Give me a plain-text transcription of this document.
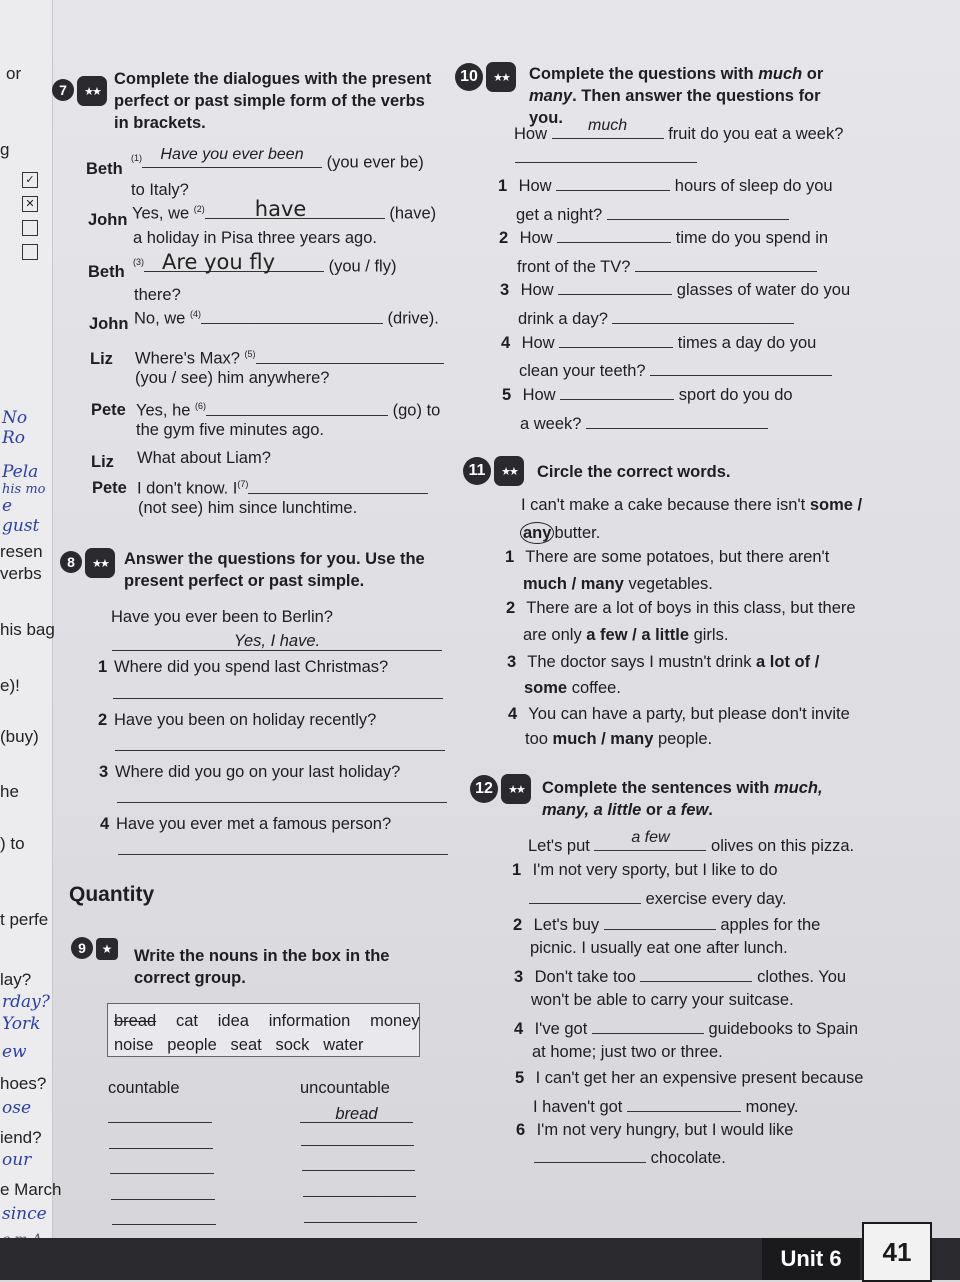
or
g
✓
✕
No
Ro
Pela
his mo
e
gust
resen
verbs
his bag
e)!
(buy)
he
) to
t perfe
lay?
rday?
York
ew
hoes?
ose
iend?
our
e March
since
7 ★★
Complete the dialogues with the present perfect or past simple form of the verbs in brackets.
Beth
$^{(1)}$	Have you ever been	(you ever be)
to Italy?
John Yes, we $^{(2)}$ have	(have)
a holiday in Pisa three years ago.
Beth
$^{(3)}$ Are you fly	(you / fly)
there?
John No, we $^{(4)}$	(drive).
Liz Where's Max? $^{(5)}$
(you / see) him anywhere?
Pete Yes, he $^{(6)}$	(go) to
the gym five minutes ago.
Liz What about Liam?
Pete I don't know. $I^{(7)}$
(not see) him since lunchtime.
8 ★★ Answer the questions for you. Use the present perfect or past simple.
Have you ever been to Berlin?
Yes, I have.
1 Where did you spend last Christmas?
2 Have you been on holiday recently?
3 Where did you go on your last holiday?
4 Have you ever met a famous person?
Quantity
9 ★	Write the nouns in the box in the correct group.
bread cat idea information money
noise people seat sock water
countable	uncountable
bread
10 ★★	Complete the questions with much or many. Then answer the questions for you.
How	much	fruit do you eat a week?
1 How	hours of sleep do you
get a night?
2 How	time do you spend in
front of the TV?
3 How	glasses of water do you
drink a day?
4 How	times a day do you
clean your teeth?
5 How	sport do you do
a week?
11 ★★	Circle the correct words.
I can't make a cake because there isn't some /
any butter.
1 There are some potatoes, but there aren't
much / many vegetables.
2 There are a lot of boys in this class, but there
are only a few / a little girls.
3 The doctor says I mustn't drink a lot of /
some coffee.
4 You can have a party, but please don't invite
too much / many people.
12 ★★	Complete the sentences with much, many, a little or a few.
Let's put	a few	olives on this pizza.
1 I'm not very sporty, but I like to do
exercise every day.
2 Let's buy	apples for the
picnic. I usually eat one after lunch.
3 Don't take too	clothes. You
won't be able to carry your suitcase.
4 I've got	guidebooks to Spain
at home; just two or three.
5 I can't get her an expensive present because
I haven't got	money.
6 I'm not very hungry, but I would like
chocolate.
Unit 6	41
